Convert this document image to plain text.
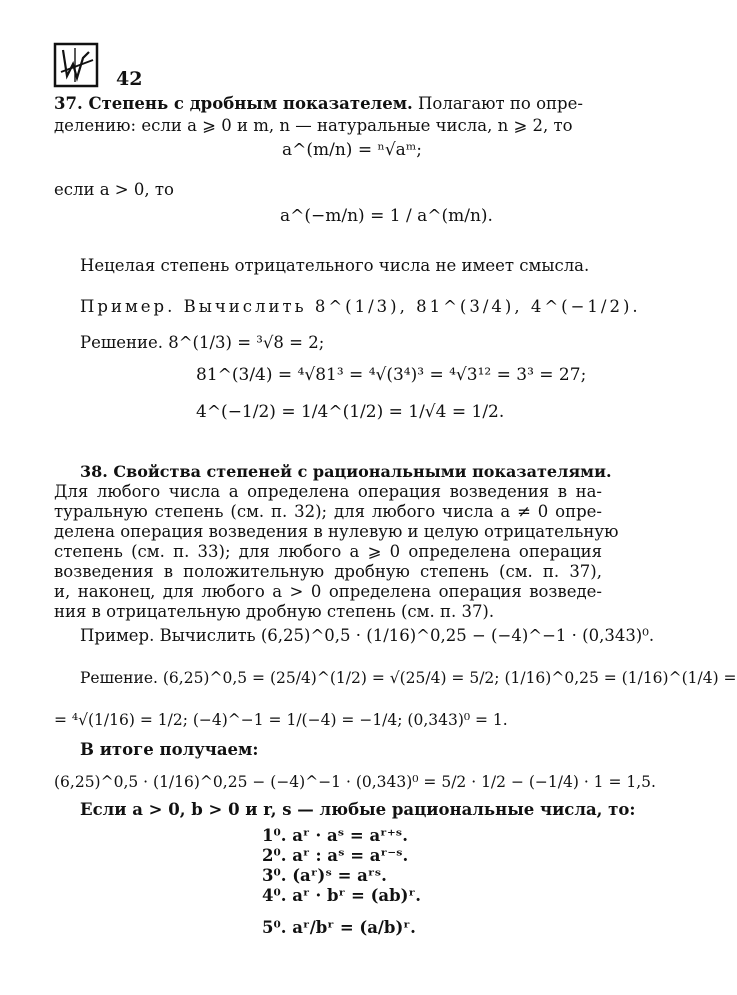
42
37. Степень с дробным показателем. Полагают по опре-
делению: если a ⩾ 0 и m, n — натуральные числа, n ⩾ 2, то
a^(m/n) = ⁿ√aᵐ;
если a > 0, то
a^(−m/n) = 1 / a^(m/n).
Нецелая степень отрицательного числа не имеет смысла.
Пример. Вычислить 8^(1/3), 81^(3/4), 4^(−1/2).
Решение. 8^(1/3) = ³√8 = 2;
81^(3/4) = ⁴√81³ = ⁴√(3⁴)³ = ⁴√3¹² = 3³ = 27;
4^(−1/2) = 1/4^(1/2) = 1/√4 = 1/2.
38. Свойства степеней с рациональными показателями.
Для любого числа a определена операция возведения в на-
туральную степень (см. п. 32); для любого числа a ≠ 0 опре-
делена операция возведения в нулевую и целую отрицательную
степень (см. п. 33); для любого a ⩾ 0 определена операция
возведения в положительную дробную степень (см. п. 37),
и, наконец, для любого a > 0 определена операция возведе-
ния в отрицательную дробную степень (см. п. 37).
Пример. Вычислить (6,25)^0,5 · (1/16)^0,25 − (−4)^−1 · (0,343)⁰.
Решение. (6,25)^0,5 = (25/4)^(1/2) = √(25/4) = 5/2; (1/16)^0,25 = (1/16)^(1/4) =
= ⁴√(1/16) = 1/2; (−4)^−1 = 1/(−4) = −1/4; (0,343)⁰ = 1.
В итоге получаем:
(6,25)^0,5 · (1/16)^0,25 − (−4)^−1 · (0,343)⁰ = 5/2 · 1/2 − (−1/4) · 1 = 1,5.
Если a > 0, b > 0 и r, s — любые рациональные числа, то:
1⁰. aʳ · aˢ = aʳ⁺ˢ.
2⁰. aʳ : aˢ = aʳ⁻ˢ.
3⁰. (aʳ)ˢ = aʳˢ.
4⁰. aʳ · bʳ = (ab)ʳ.
5⁰. aʳ/bʳ = (a/b)ʳ.
